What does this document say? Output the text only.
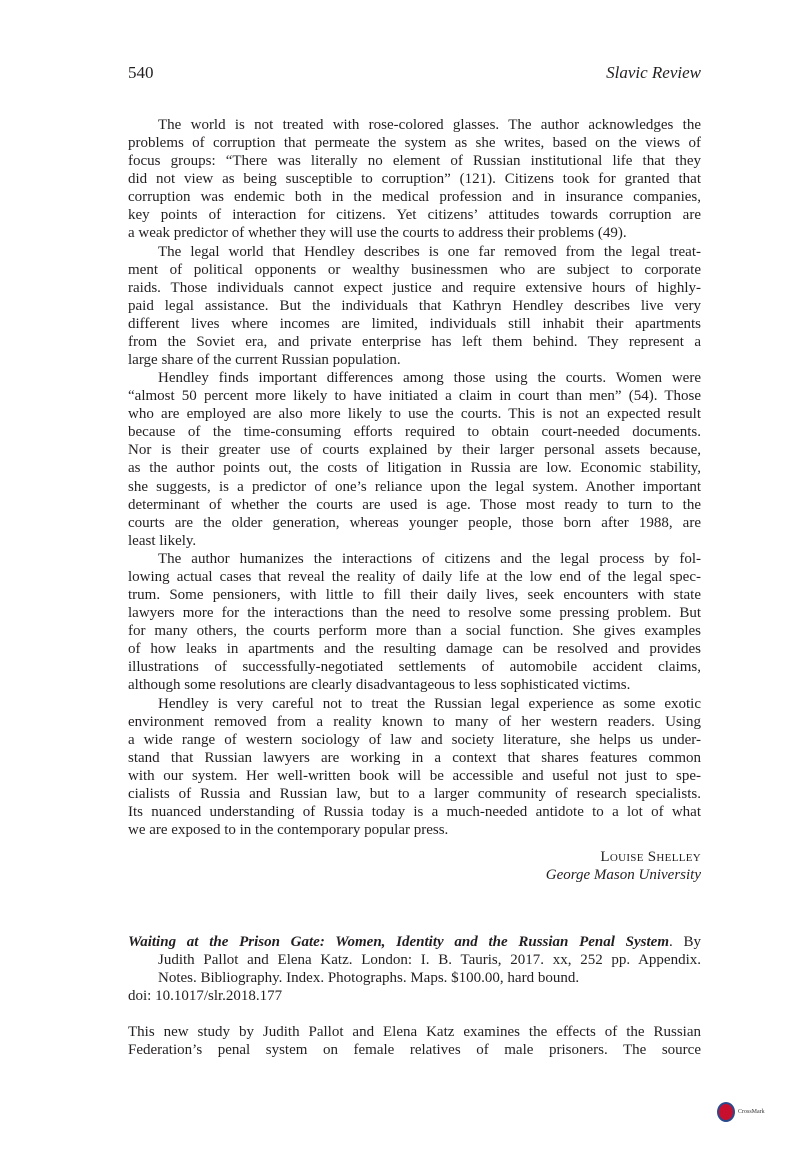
540	Slavic Review
The world is not treated with rose-colored glasses. The author acknowledges the
problems of corruption that permeate the system as she writes, based on the views of
focus groups: “There was literally no element of Russian institutional life that they
did not view as being susceptible to corruption” (121). Citizens took for granted that
corruption was endemic both in the medical profession and in insurance companies,
key points of interaction for citizens. Yet citizens’ attitudes towards corruption are
a weak predictor of whether they will use the courts to address their problems (49).
The legal world that Hendley describes is one far removed from the legal treat-
ment of political opponents or wealthy businessmen who are subject to corporate
raids. Those individuals cannot expect justice and require extensive hours of highly-
paid legal assistance. But the individuals that Kathryn Hendley describes live very
different lives where incomes are limited, individuals still inhabit their apartments
from the Soviet era, and private enterprise has left them behind. They represent a
large share of the current Russian population.
Hendley finds important differences among those using the courts. Women were
“almost 50 percent more likely to have initiated a claim in court than men” (54). Those
who are employed are also more likely to use the courts. This is not an expected result
because of the time-consuming efforts required to obtain court-needed documents.
Nor is their greater use of courts explained by their larger personal assets because,
as the author points out, the costs of litigation in Russia are low. Economic stability,
she suggests, is a predictor of one’s reliance upon the legal system. Another important
determinant of whether the courts are used is age. Those most ready to turn to the
courts are the older generation, whereas younger people, those born after 1988, are
least likely.
The author humanizes the interactions of citizens and the legal process by fol-
lowing actual cases that reveal the reality of daily life at the low end of the legal spec-
trum. Some pensioners, with little to fill their daily lives, seek encounters with state
lawyers more for the interactions than the need to resolve some pressing problem. But
for many others, the courts perform more than a social function. She gives examples
of how leaks in apartments and the resulting damage can be resolved and provides
illustrations of successfully-negotiated settlements of automobile accident claims,
although some resolutions are clearly disadvantageous to less sophisticated victims.
Hendley is very careful not to treat the Russian legal experience as some exotic
environment removed from a reality known to many of her western readers. Using
a wide range of western sociology of law and society literature, she helps us under-
stand that Russian lawyers are working in a context that shares features common
with our system. Her well-written book will be accessible and useful not just to spe-
cialists of Russia and Russian law, but to a larger community of research specialists.
Its nuanced understanding of Russia today is a much-needed antidote to a lot of what
we are exposed to in the contemporary popular press.
Louise Shelley
George Mason University
Waiting at the Prison Gate: Women, Identity and the Russian Penal System. By
Judith Pallot and Elena Katz. London: I. B. Tauris, 2017. xx, 252 pp. Appendix.
Notes. Bibliography. Index. Photographs. Maps. $100.00, hard bound.
doi: 10.1017/slr.2018.177
This new study by Judith Pallot and Elena Katz examines the effects of the Russian
Federation’s penal system on female relatives of male prisoners. The source
CrossMark
